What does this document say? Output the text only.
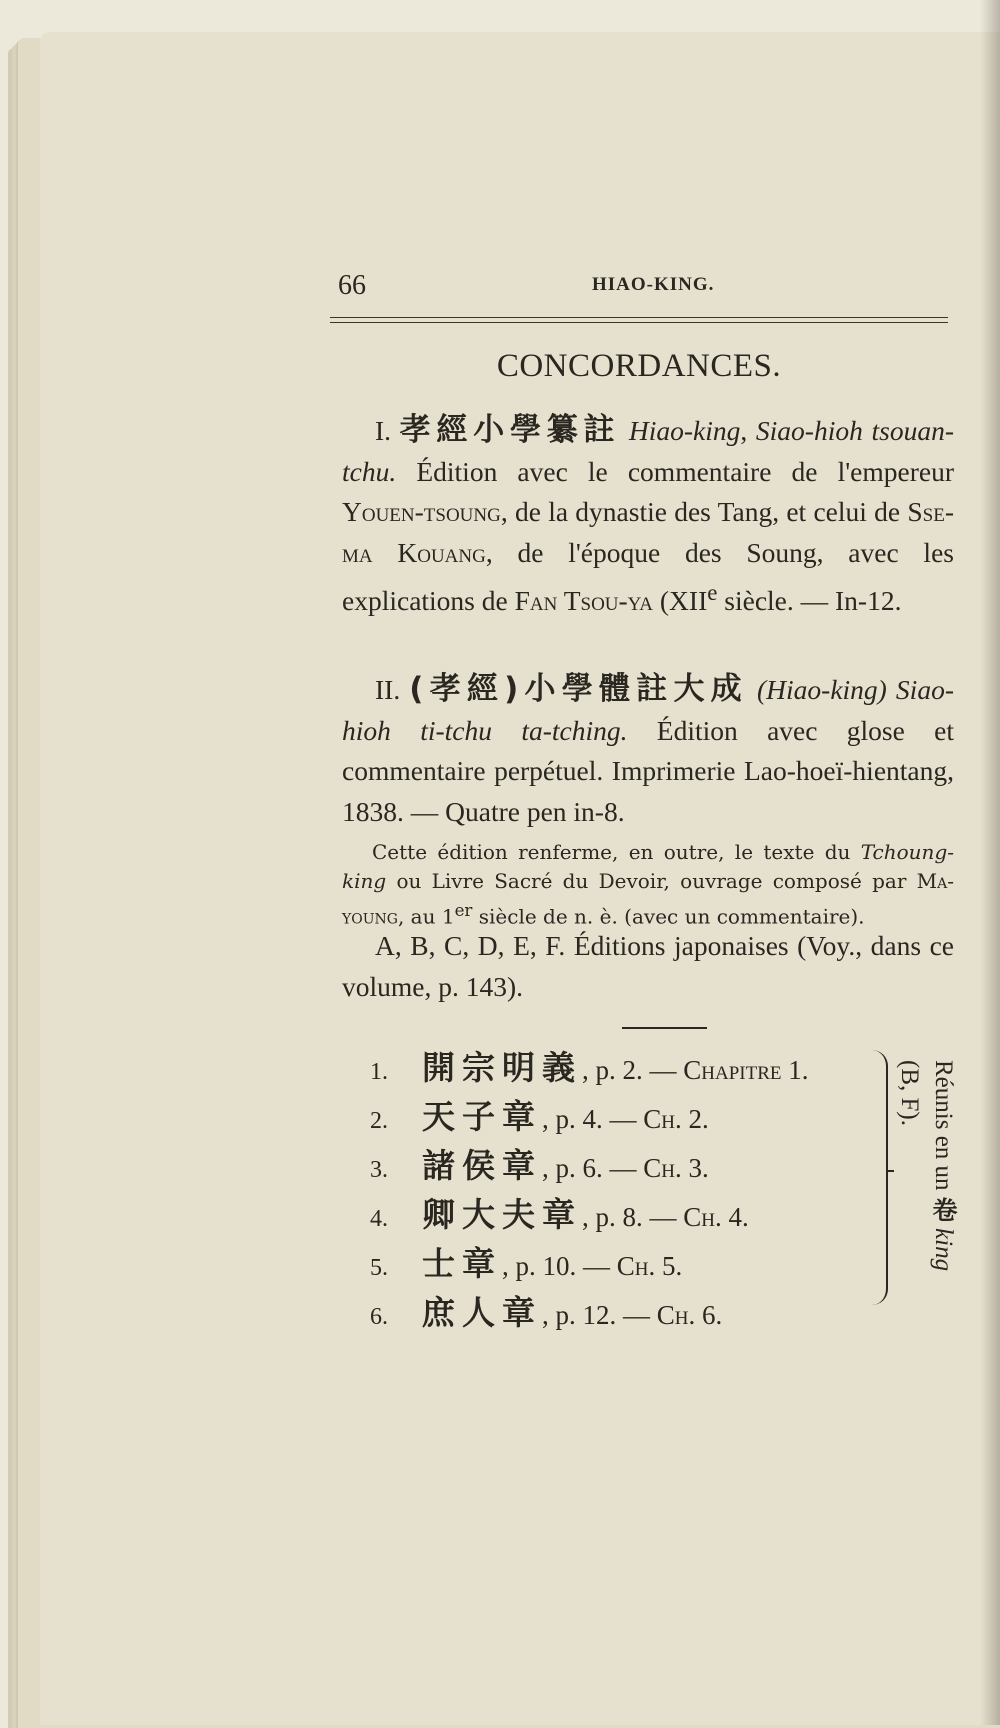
66	HIAO-KING.
CONCORDANCES.
I. 孝經小學纂註 Hiao-king, Siao-hioh tsouan-tchu. Édition avec le commentaire de l'empereur Youen-tsoung, de la dynastie des Tang, et celui de Sse-ma Kouang, de l'époque des Soung, avec les explications de Fan Tsou-ya (XIIe siècle. — In-12.
II. (孝經)小學體註大成 (Hiao-king) Siao-hioh ti-tchu ta-tching. Édition avec glose et commentaire perpétuel. Imprimerie Lao-hoeï-hientang, 1838. — Quatre pen in-8.
Cette édition renferme, en outre, le texte du Tchoung-king ou Livre Sacré du Devoir, ouvrage composé par Ma-young, au 1er siècle de n. è. (avec un commentaire).
A, B, C, D, E, F. Éditions japonaises (Voy., dans ce volume, p. 143).
1. 開宗明義, p. 2. — Chapitre 1.
2. 天子章, p. 4. — Ch. 2.
3. 諸侯章, p. 6. — Ch. 3.
4. 卿大夫章, p. 8. — Ch. 4.
5. 士章, p. 10. — Ch. 5.
6. 庶人章, p. 12. — Ch. 6.
Réunis en un 卷 king (B, F).
